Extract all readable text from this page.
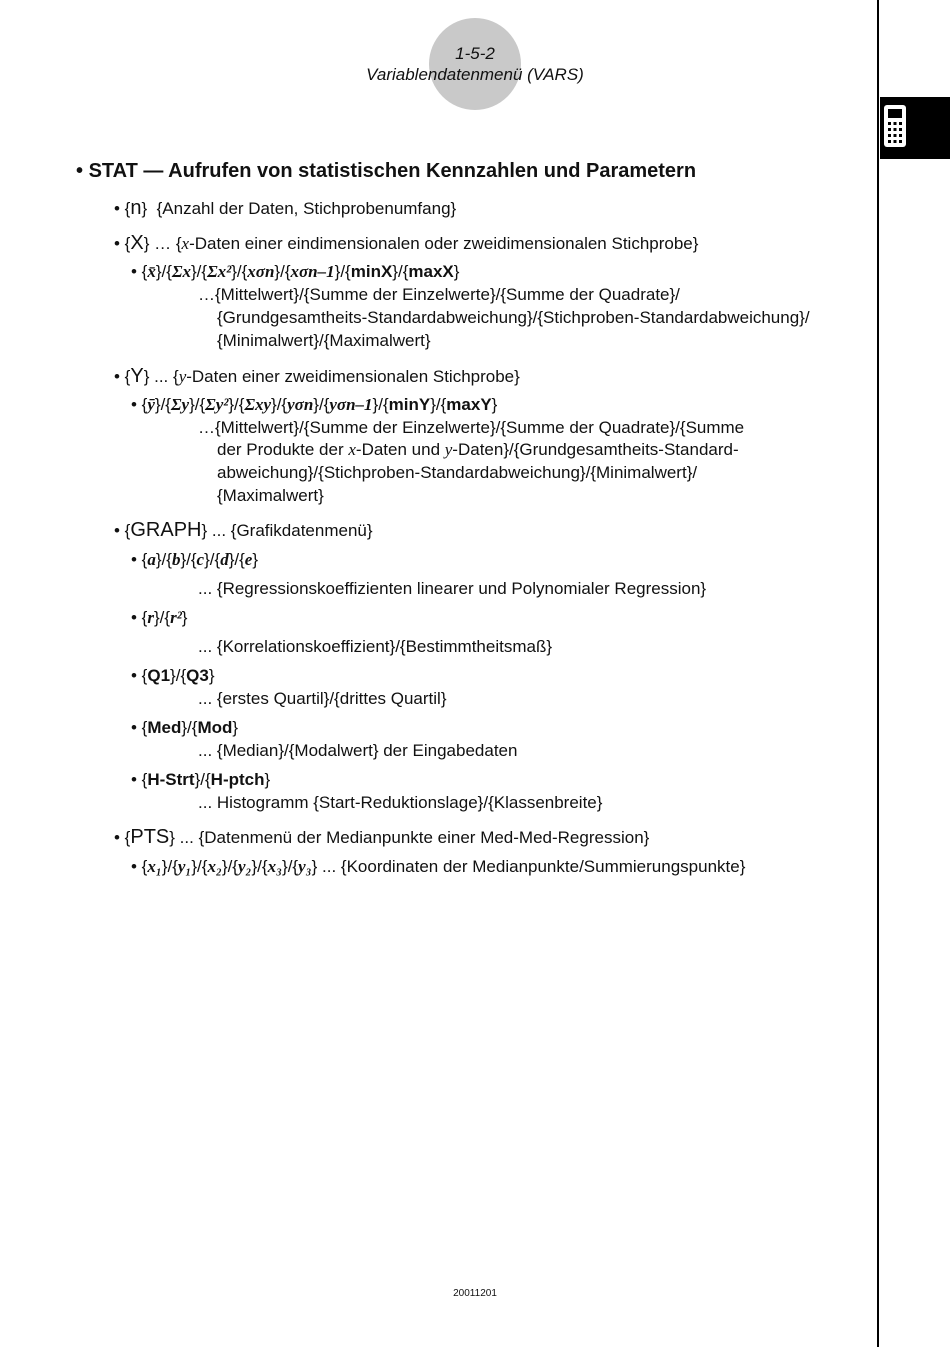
1-5-2
Variablendatenmenü (VARS)
• STAT — Aufrufen von statistischen Kennzahlen und Parametern
• {n}  {Anzahl der Daten, Stichprobenumfang}
• {X} … {x-Daten einer eindimensionalen oder zweidimensionalen Stichprobe}
• {x̄}/{Σx}/{Σx²}/{xσn}/{xσn–1}/{minX}/{maxX}
…{Mittelwert}/{Summe der Einzelwerte}/{Summe der Quadrate}/
{Grundgesamtheits-Standardabweichung}/{Stichproben-Standardabweichung}/
{Minimalwert}/{Maximalwert}
• {Y} ... {y-Daten einer zweidimensionalen Stichprobe}
• {ȳ}/{Σy}/{Σy²}/{Σxy}/{yσn}/{yσn–1}/{minY}/{maxY}
…{Mittelwert}/{Summe der Einzelwerte}/{Summe der Quadrate}/{Summe
der Produkte der x-Daten und y-Daten}/{Grundgesamtheits-Standard-
abweichung}/{Stichproben-Standardabweichung}/{Minimalwert}/
{Maximalwert}
• {GRAPH} ... {Grafikdatenmenü}
• {a}/{b}/{c}/{d}/{e}
... {Regressionskoeffizienten linearer und Polynomialer Regression}
• {r}/{r²}
... {Korrelationskoeffizient}/{Bestimmtheitsmaß}
• {Q1}/{Q3}
... {erstes Quartil}/{drittes Quartil}
• {Med}/{Mod}
... {Median}/{Modalwert} der Eingabedaten
• {H-Strt}/{H-ptch}
... Histogramm {Start-Reduktionslage}/{Klassenbreite}
• {PTS} ... {Datenmenü der Medianpunkte einer Med-Med-Regression}
• {x₁}/{y₁}/{x₂}/{y₂}/{x₃}/{y₃} ... {Koordinaten der Medianpunkte/Summierungspunkte}
20011201
